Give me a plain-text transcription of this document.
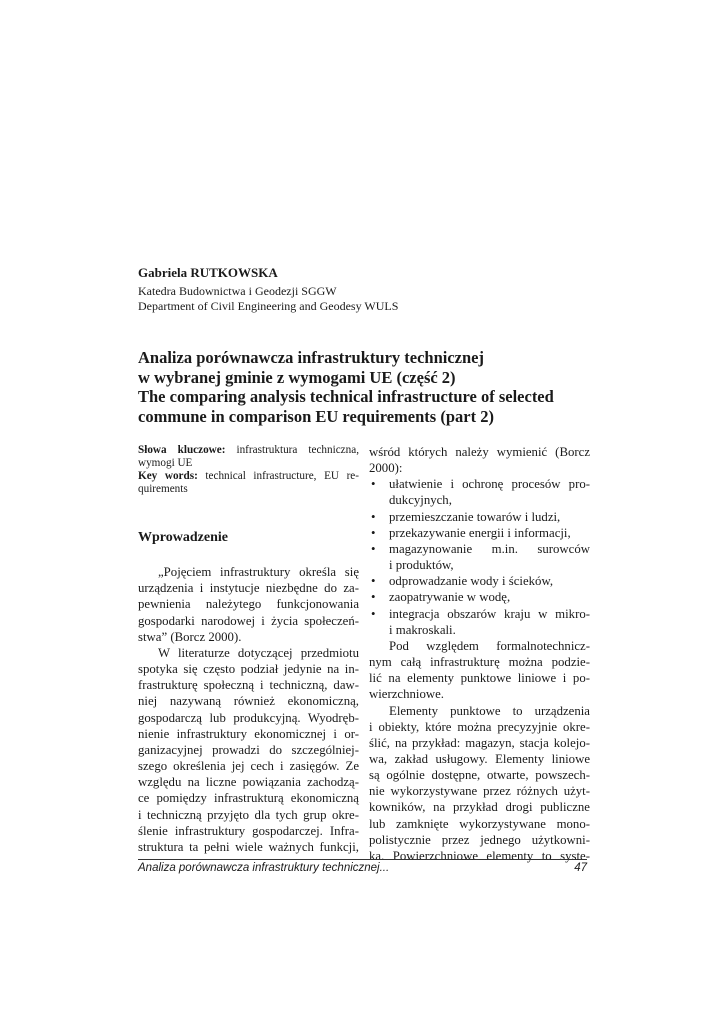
Gabriela RUTKOWSKA
Katedra Budownictwa i Geodezji SGGW
Department of Civil Engineering and Geodesy WULS
Analiza porównawcza infrastruktury technicznej
w wybranej gminie z wymogami UE (część 2)
The comparing analysis technical infrastructure of selected
commune in comparison EU requirements (part 2)
Słowa kluczowe: infrastruktura techniczna,
wymogi UE
Key words: technical infrastructure, EU re-
quirements
Wprowadzenie
„Pojęciem infrastruktury określa się
urządzenia i instytucje niezbędne do za-
pewnienia należytego funkcjonowania
gospodarki narodowej i życia społeczeń-
stwa” (Borcz 2000).
W literaturze dotyczącej przedmiotu
spotyka się często podział jedynie na in-
frastrukturę społeczną i techniczną, daw-
niej nazywaną również ekonomiczną,
gospodarczą lub produkcyjną. Wyodręb-
nienie infrastruktury ekonomicznej i or-
ganizacyjnej prowadzi do szczególniej-
szego określenia jej cech i zasięgów. Ze
względu na liczne powiązania zachodzą-
ce pomiędzy infrastrukturą ekonomiczną
i techniczną przyjęto dla tych grup okre-
ślenie infrastruktury gospodarczej. Infra-
struktura ta pełni wiele ważnych funkcji,
wśród których należy wymienić (Borcz
2000):
• ułatwienie i ochronę procesów pro-
dukcyjnych,
• przemieszczanie towarów i ludzi,
• przekazywanie energii i informacji,
• magazynowanie m.in. surowców
i produktów,
• odprowadzanie wody i ścieków,
• zaopatrywanie w wodę,
• integracja obszarów kraju w mikro-
i makroskali.
Pod względem formalnotechnicz-
nym całą infrastrukturę można podzie-
lić na elementy punktowe liniowe i po-
wierzchniowe.
Elementy punktowe to urządzenia
i obiekty, które można precyzyjnie okre-
ślić, na przykład: magazyn, stacja kolejo-
wa, zakład usługowy. Elementy liniowe
są ogólnie dostępne, otwarte, powszech-
nie wykorzystywane przez różnych użyt-
kowników, na przykład drogi publiczne
lub zamknięte wykorzystywane mono-
polistycznie przez jednego użytkowni-
ka. Powierzchniowe elementy to syste-
Analiza porównawcza infrastruktury technicznej...	47
